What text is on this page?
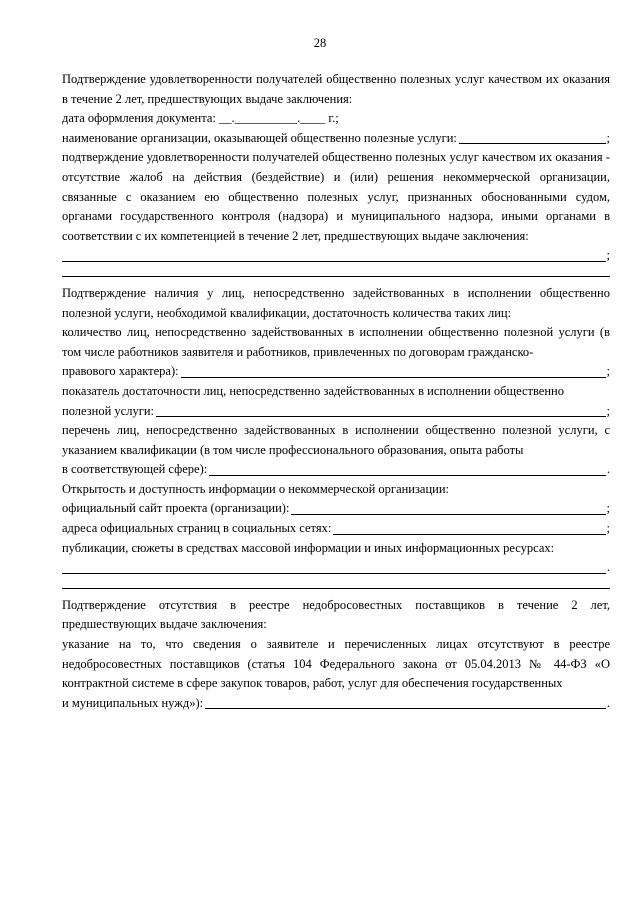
28

Подтверждение удовлетворенности получателей общественно полезных услуг качеством их оказания в течение 2 лет, предшествующих выдаче заключения:

дата оформления документа: __.__________.____ г.;

наименование организации, оказывающей общественно полезные услуги:	;

подтверждение удовлетворенности получателей общественно полезных услуг качеством их оказания - отсутствие жалоб на действия (бездействие) и (или) решения некоммерческой организации, связанные с оказанием ею общественно полезных услуг, признанных обоснованными судом, органами государственного контроля (надзора) и муниципального надзора, иными органами в соответствии с их компетенцией в течение 2 лет, предшествующих выдаче заключения:

;

Подтверждение наличия у лиц, непосредственно задействованных в исполнении общественно полезной услуги, необходимой квалификации, достаточность количества таких лиц:

количество лиц, непосредственно задействованных в исполнении общественно полезной услуги (в том числе работников заявителя и работников, привлеченных по договорам гражданско-

правового характера):	;

показатель достаточности лиц, непосредственно задействованных в исполнении общественно

полезной услуги:	;

перечень лиц, непосредственно задействованных в исполнении общественно полезной услуги, с указанием квалификации (в том числе профессионального образования, опыта работы

в соответствующей сфере):	.

Открытость и доступность информации о некоммерческой организации:

официальный сайт проекта (организации):	;
адреса официальных страниц в социальных сетях:	;

публикации, сюжеты в средствах массовой информации и иных информационных ресурсах:

.

Подтверждение отсутствия в реестре недобросовестных поставщиков в течение 2 лет, предшествующих выдаче заключения:

указание на то, что сведения о заявителе и перечисленных лицах отсутствуют в реестре недобросовестных поставщиков (статья 104 Федерального закона от 05.04.2013 № 44-ФЗ «О контрактной системе в сфере закупок товаров, работ, услуг для обеспечения государственных

и муниципальных нужд»):	.
